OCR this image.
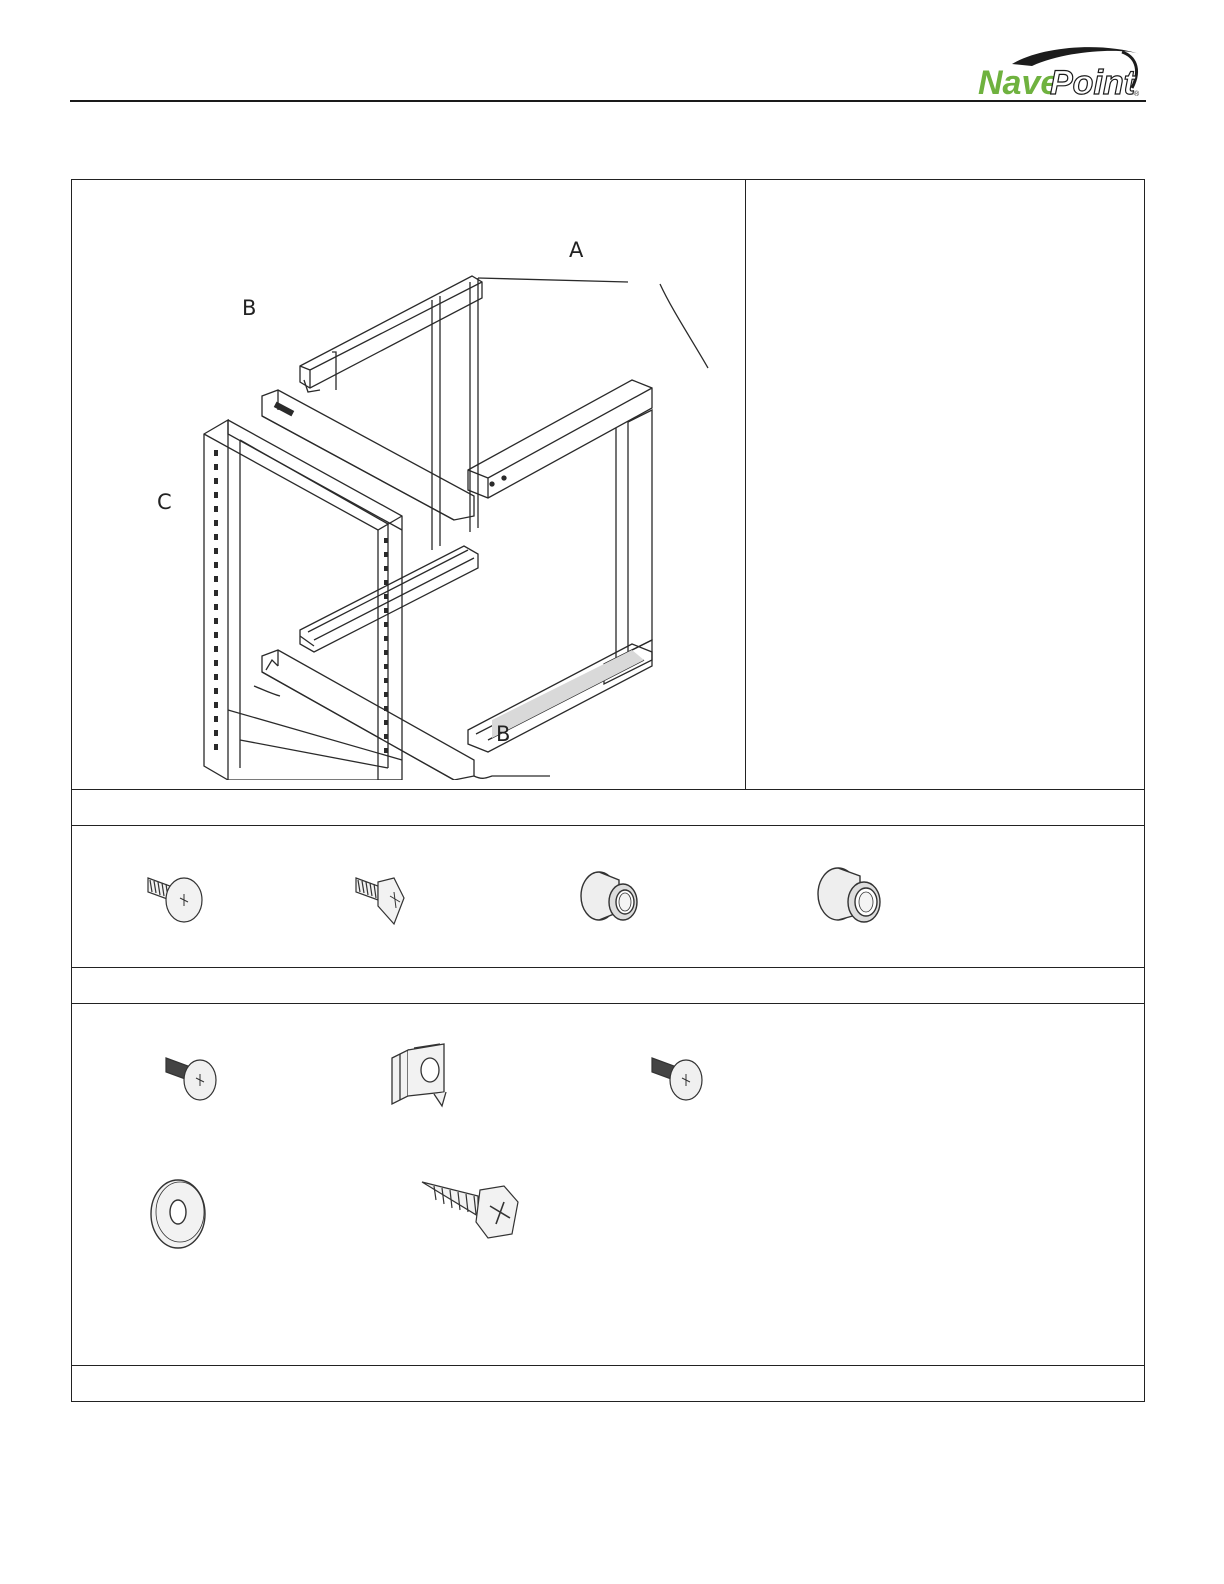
Nave
Point ®
A
B
B
C
